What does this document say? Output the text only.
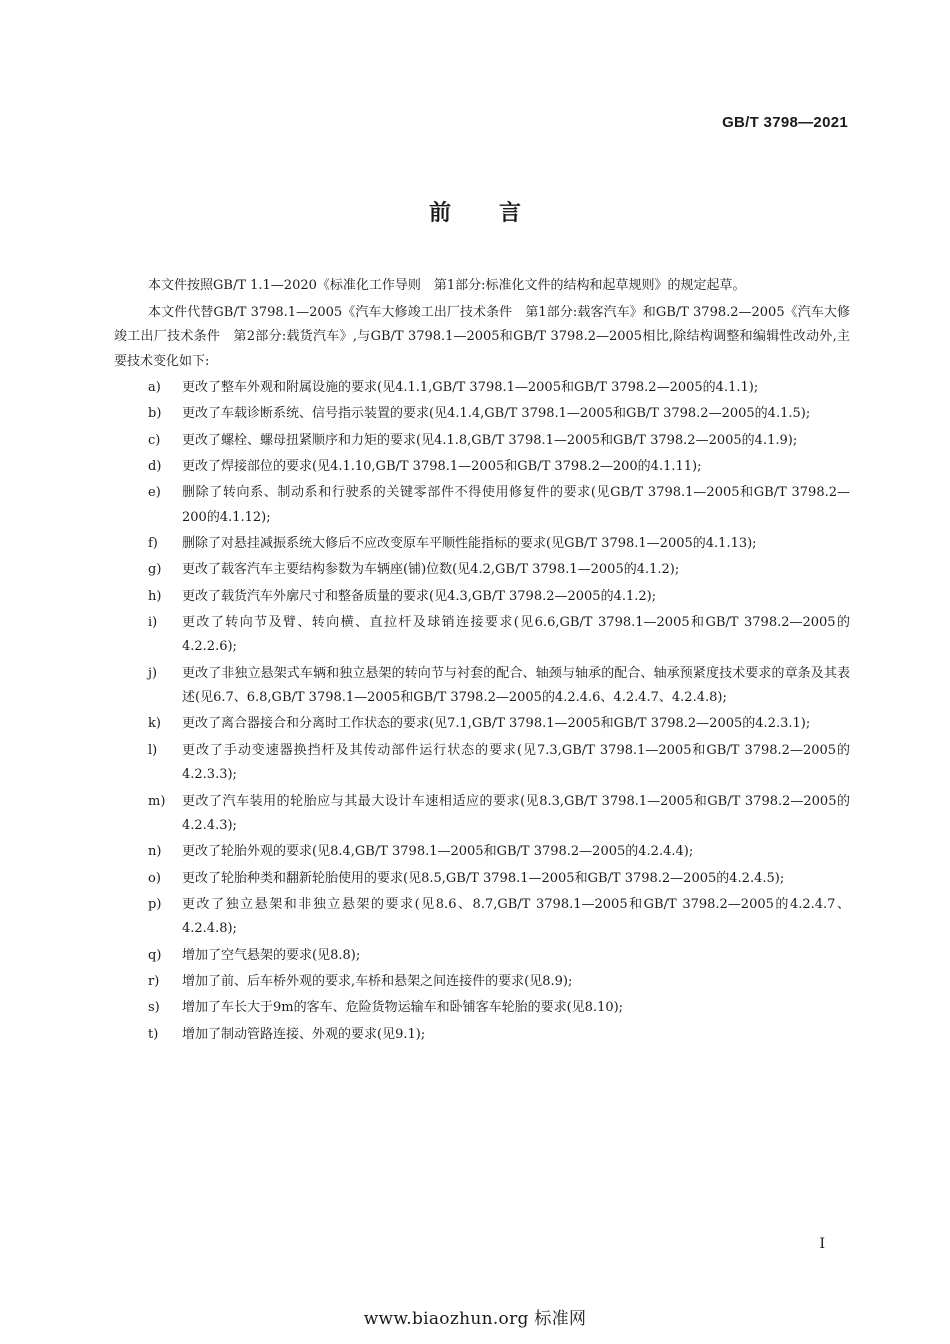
GB/T 3798—2021
前言

本文件按照GB/T 1.1—2020《标准化工作导则　第1部分:标准化文件的结构和起草规则》的规定起草。

本文件代替GB/T 3798.1—2005《汽车大修竣工出厂技术条件　第1部分:载客汽车》和GB/T 3798.2—2005《汽车大修竣工出厂技术条件　第2部分:载货汽车》,与GB/T 3798.1—2005和GB/T 3798.2—2005相比,除结构调整和编辑性改动外,主要技术变化如下:

a)	更改了整车外观和附属设施的要求(见4.1.1,GB/T 3798.1—2005和GB/T 3798.2—2005的4.1.1);
b)	更改了车载诊断系统、信号指示装置的要求(见4.1.4,GB/T 3798.1—2005和GB/T 3798.2—2005的4.1.5);
c)	更改了螺栓、螺母扭紧顺序和力矩的要求(见4.1.8,GB/T 3798.1—2005和GB/T 3798.2—2005的4.1.9);
d)	更改了焊接部位的要求(见4.1.10,GB/T 3798.1—2005和GB/T 3798.2—200的4.1.11);
e)	删除了转向系、制动系和行驶系的关键零部件不得使用修复件的要求(见GB/T 3798.1—2005和GB/T 3798.2—200的4.1.12);
f)	删除了对悬挂减振系统大修后不应改变原车平顺性能指标的要求(见GB/T 3798.1—2005的4.1.13);
g)	更改了载客汽车主要结构参数为车辆座(铺)位数(见4.2,GB/T 3798.1—2005的4.1.2);
h)	更改了载货汽车外廓尺寸和整备质量的要求(见4.3,GB/T 3798.2—2005的4.1.2);
i)	更改了转向节及臂、转向横、直拉杆及球销连接要求(见6.6,GB/T 3798.1—2005和GB/T 3798.2—2005的4.2.2.6);
j)	更改了非独立悬架式车辆和独立悬架的转向节与衬套的配合、轴颈与轴承的配合、轴承预紧度技术要求的章条及其表述(见6.7、6.8,GB/T 3798.1—2005和GB/T 3798.2—2005的4.2.4.6、4.2.4.7、4.2.4.8);
k)	更改了离合器接合和分离时工作状态的要求(见7.1,GB/T 3798.1—2005和GB/T 3798.2—2005的4.2.3.1);
l)	更改了手动变速器换挡杆及其传动部件运行状态的要求(见7.3,GB/T 3798.1—2005和GB/T 3798.2—2005的4.2.3.3);
m)	更改了汽车装用的轮胎应与其最大设计车速相适应的要求(见8.3,GB/T 3798.1—2005和GB/T 3798.2—2005的4.2.4.3);
n)	更改了轮胎外观的要求(见8.4,GB/T 3798.1—2005和GB/T 3798.2—2005的4.2.4.4);
o)	更改了轮胎种类和翻新轮胎使用的要求(见8.5,GB/T 3798.1—2005和GB/T 3798.2—2005的4.2.4.5);
p)	更改了独立悬架和非独立悬架的要求(见8.6、8.7,GB/T 3798.1—2005和GB/T 3798.2—2005的4.2.4.7、4.2.4.8);
q)	增加了空气悬架的要求(见8.8);
r)	增加了前、后车桥外观的要求,车桥和悬架之间连接件的要求(见8.9);
s)	增加了车长大于9m的客车、危险货物运输车和卧铺客车轮胎的要求(见8.10);
t)	增加了制动管路连接、外观的要求(见9.1);
I
www.biaozhun.org 标准网
